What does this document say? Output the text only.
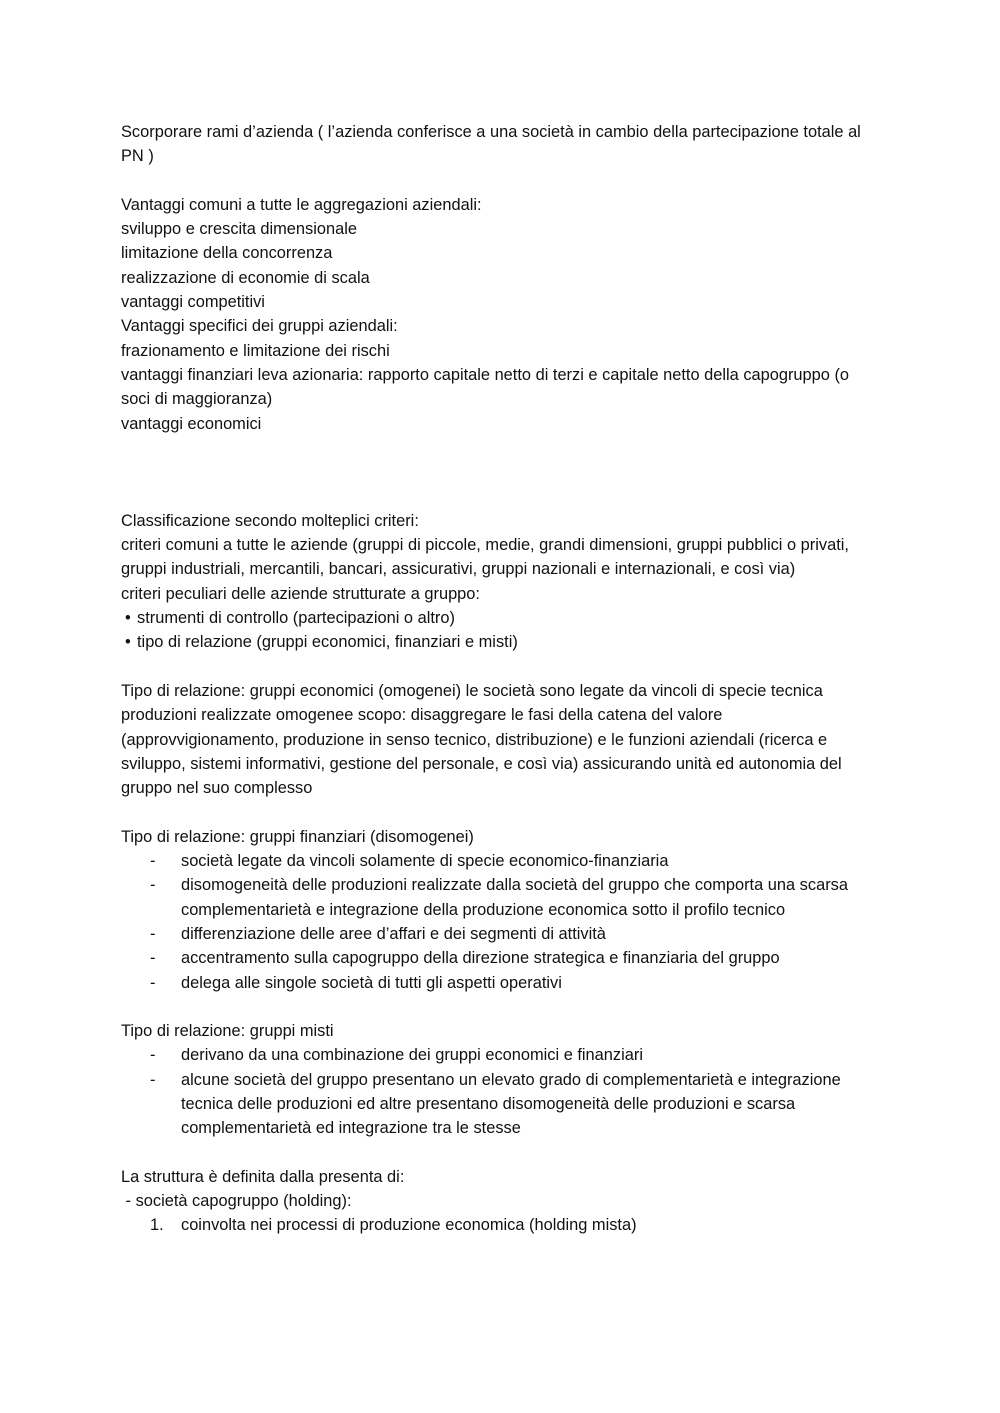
Scorporare rami d’azienda ( l’azienda conferisce a una società in cambio della partecipazione totale al PN )

Vantaggi comuni a tutte le aggregazioni aziendali:

sviluppo e crescita dimensionale

limitazione della concorrenza

realizzazione di economie di scala

vantaggi competitivi

Vantaggi specifici dei gruppi aziendali:

frazionamento e limitazione dei rischi

vantaggi finanziari leva azionaria: rapporto capitale netto di terzi e capitale netto della capogruppo (o soci di maggioranza)

vantaggi economici

Classificazione secondo molteplici criteri:

criteri comuni a tutte le aziende (gruppi di piccole, medie, grandi dimensioni, gruppi pubblici o privati, gruppi industriali, mercantili, bancari, assicurativi, gruppi nazionali e internazionali, e così via)

criteri peculiari delle aziende strutturate a gruppo:

• strumenti di controllo (partecipazioni o altro)

• tipo di relazione (gruppi economici, finanziari e misti)

Tipo di relazione: gruppi economici (omogenei) le società sono legate da vincoli di specie tecnica produzioni realizzate omogenee scopo: disaggregare le fasi della catena del valore (approvvigionamento, produzione in senso tecnico, distribuzione) e le funzioni aziendali (ricerca e sviluppo, sistemi informativi, gestione del personale, e così via) assicurando unità ed autonomia del gruppo nel suo complesso

Tipo di relazione: gruppi finanziari (disomogenei)

- società legate da vincoli solamente di specie economico-finanziaria
- disomogeneità delle produzioni realizzate dalla società del gruppo che comporta una scarsa complementarietà e integrazione della produzione economica sotto il profilo tecnico
- differenziazione delle aree d’affari e dei segmenti di attività
- accentramento sulla capogruppo della direzione strategica e finanziaria del gruppo
- delega alle singole società di tutti gli aspetti operativi

Tipo di relazione: gruppi misti

- derivano da una combinazione dei gruppi economici e finanziari
- alcune società del gruppo presentano un elevato grado di complementarietà e integrazione tecnica delle produzioni ed altre presentano disomogeneità delle produzioni e scarsa complementarietà ed integrazione tra le stesse

La struttura è definita dalla presenta di:

- società capogruppo (holding):

1. coinvolta nei processi di produzione economica (holding mista)
